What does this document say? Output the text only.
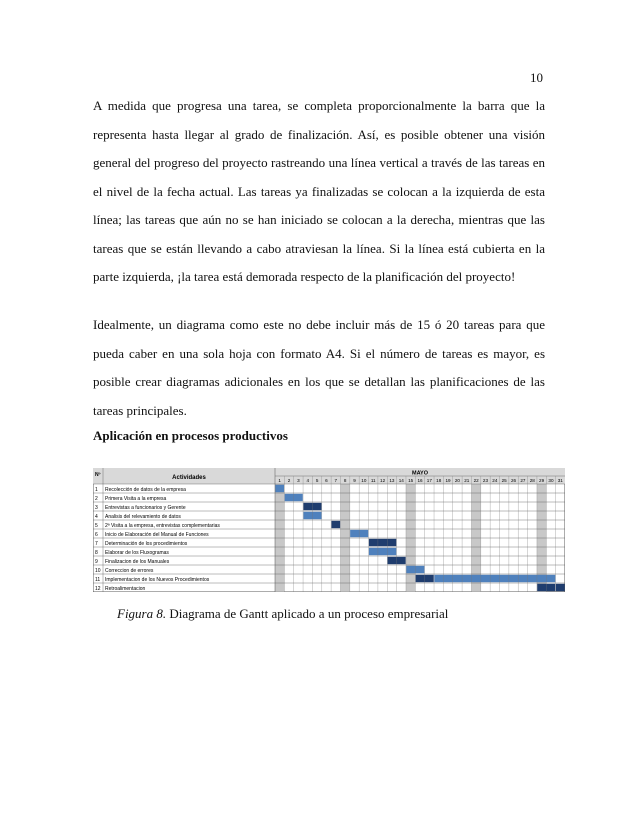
10

A medida que progresa una tarea, se completa proporcionalmente la barra que la representa hasta llegar al grado de finalización. Así, es posible obtener una visión general del progreso del proyecto rastreando una línea vertical a través de las tareas en el nivel de la fecha actual. Las tareas ya finalizadas se colocan a la izquierda de esta línea; las tareas que aún no se han iniciado se colocan a la derecha, mientras que las tareas que se están llevando a cabo atraviesan la línea. Si la línea está cubierta en la parte izquierda, ¡la tarea está demorada respecto de la planificación del proyecto!

Idealmente, un diagrama como este no debe incluir más de 15 ó 20 tareas para que pueda caber en una sola hoja con formato A4. Si el número de tareas es mayor, es posible crear diagramas adicionales en los que se detallan las planificaciones de las tareas principales.

Aplicación en procesos productivos

Nº	Actividades
MAYO
1 2 3 4 5 6 7 8 9 10 11 12 13 14 15 16 17 18 19 20 21 22 23 24 25 26 27 28 29 30 31
1 Recolección de datos de la empresa
2 Primera Visita a la empresa
3 Entrevistas a funcionarios y Gerente
4 Analisis del relevamiento de datos
5 2ª Visita a la empresa, entrevistas complementarias
6 Inicio de Elaboración del Manual de Funciones
7 Determinación de los procedimientos
8 Elaborar de los Fluxogramas
9 Finalizacion de los Manuales
10 Correccion de errores
11 Implementacion de los Nuevos Procedimientos
12 Retroalimentacion

Figura 8. Diagrama de Gantt aplicado a un proceso empresarial
